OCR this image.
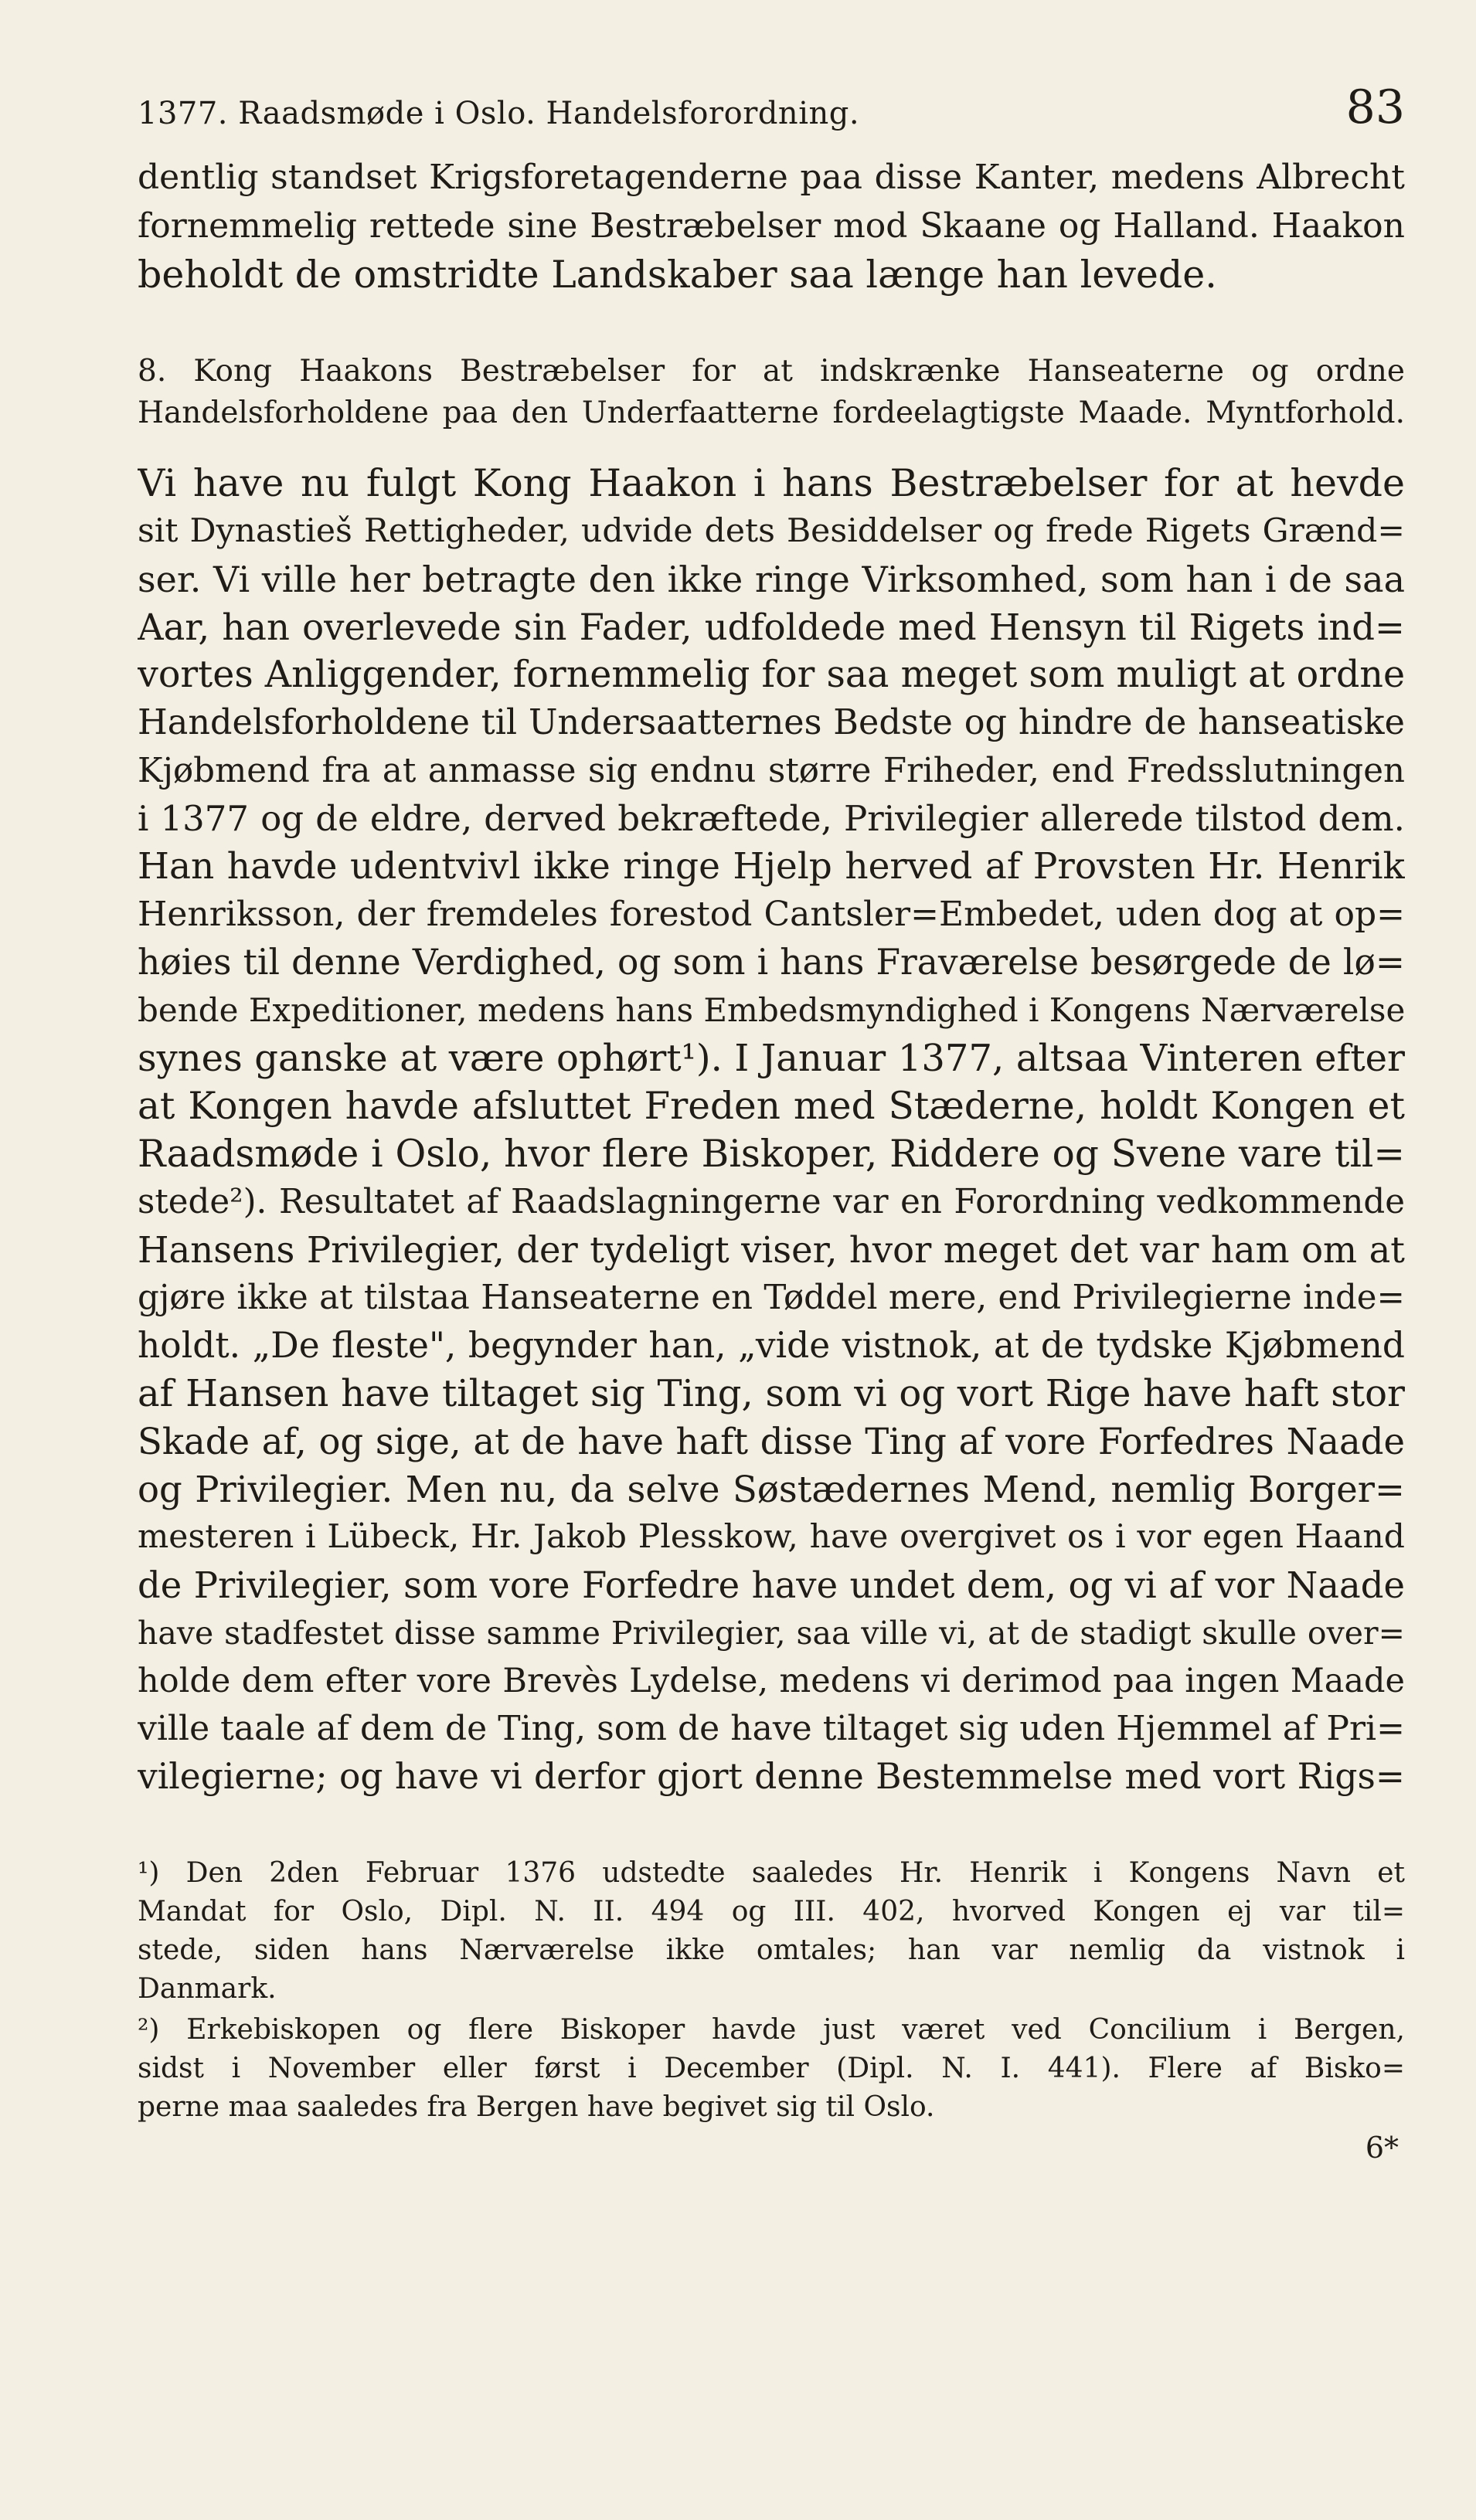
1377. Raadsmøde i Oslo. Handelsforordning.	83
dentlig standset Krigsforetagenderne paa disse Kanter, medens Albrecht
fornemmelig rettede sine Bestræbelser mod Skaane og Halland. Haakon
beholdt de omstridte Landskaber saa længe han levede.
8. Kong Haakons Bestræbelser for at indskrænke Hanseaterne og ordne
Handelsforholdene paa den Underfaatterne fordeelagtigste Maade. Myntforhold.
Vi have nu fulgt Kong Haakon i hans Bestræbelser for at hevde
sit Dynastieš Rettigheder, udvide dets Besiddelser og frede Rigets Grænd=
ser. Vi ville her betragte den ikke ringe Virksomhed, som han i de saa
Aar, han overlevede sin Fader, udfoldede med Hensyn til Rigets ind=
vortes Anliggender, fornemmelig for saa meget som muligt at ordne
Handelsforholdene til Undersaatternes Bedste og hindre de hanseatiske
Kjøbmend fra at anmasse sig endnu større Friheder, end Fredsslutningen
i 1377 og de eldre, derved bekræftede, Privilegier allerede tilstod dem.
Han havde udentvivl ikke ringe Hjelp herved af Provsten Hr. Henrik
Henriksson, der fremdeles forestod Cantsler=Embedet, uden dog at op=
høies til denne Verdighed, og som i hans Fraværelse besørgede de lø=
bende Expeditioner, medens hans Embedsmyndighed i Kongens Nærværelse
synes ganske at være ophørt¹). I Januar 1377, altsaa Vinteren efter
at Kongen havde afsluttet Freden med Stæderne, holdt Kongen et
Raadsmøde i Oslo, hvor flere Biskoper, Riddere og Svene vare til=
stede²). Resultatet af Raadslagningerne var en Forordning vedkommende
Hansens Privilegier, der tydeligt viser, hvor meget det var ham om at
gjøre ikke at tilstaa Hanseaterne en Tøddel mere, end Privilegierne inde=
holdt. „De fleste", begynder han, „vide vistnok, at de tydske Kjøbmend
af Hansen have tiltaget sig Ting, som vi og vort Rige have haft stor
Skade af, og sige, at de have haft disse Ting af vore Forfedres Naade
og Privilegier. Men nu, da selve Søstædernes Mend, nemlig Borger=
mesteren i Lübeck, Hr. Jakob Plesskow, have overgivet os i vor egen Haand
de Privilegier, som vore Forfedre have undet dem, og vi af vor Naade
have stadfestet disse samme Privilegier, saa ville vi, at de stadigt skulle over=
holde dem efter vore Brevès Lydelse, medens vi derimod paa ingen Maade
ville taale af dem de Ting, som de have tiltaget sig uden Hjemmel af Pri=
vilegierne; og have vi derfor gjort denne Bestemmelse med vort Rigs=
¹) Den 2den Februar 1376 udstedte saaledes Hr. Henrik i Kongens Navn et
Mandat for Oslo, Dipl. N. II. 494 og III. 402, hvorved Kongen ej var til=
stede, siden hans Nærværelse ikke omtales; han var nemlig da vistnok i
Danmark.
²) Erkebiskopen og flere Biskoper havde just været ved Concilium i Bergen,
sidst i November eller først i December (Dipl. N. I. 441). Flere af Bisko=
perne maa saaledes fra Bergen have begivet sig til Oslo.
6*
